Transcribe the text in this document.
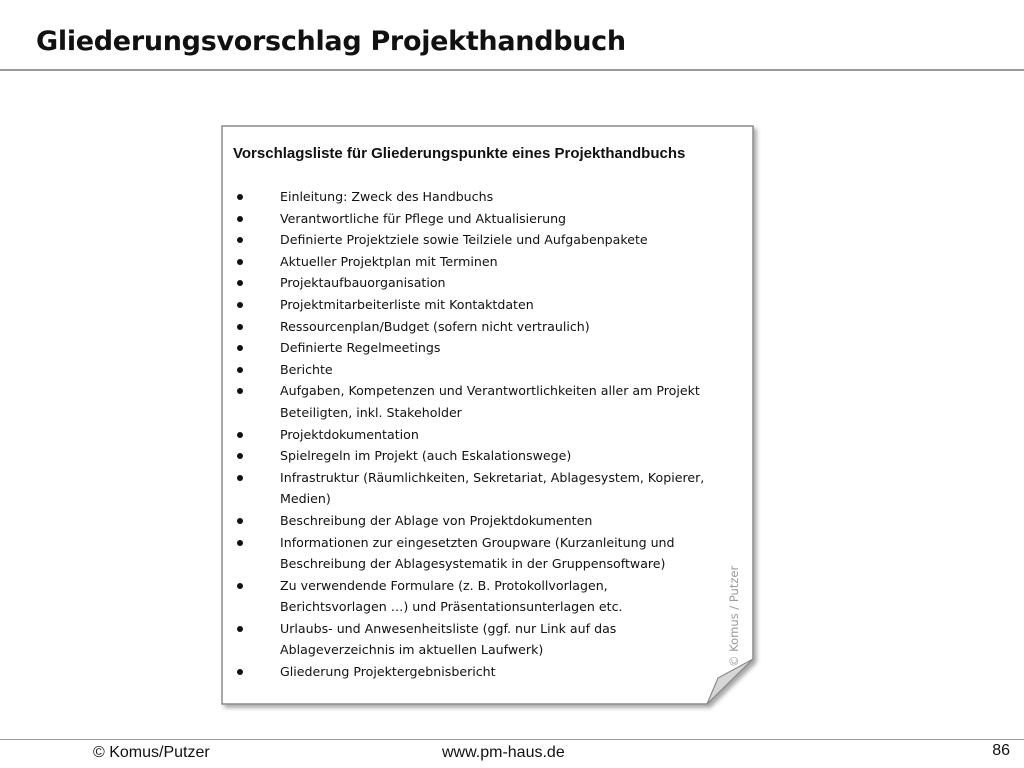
Gliederungsvorschlag Projekthandbuch
Vorschlagsliste für Gliederungspunkte eines Projekthandbuchs
Einleitung: Zweck des Handbuchs
Verantwortliche für Pflege und Aktualisierung
Definierte Projektziele sowie Teilziele und Aufgabenpakete
Aktueller Projektplan mit Terminen
Projektaufbauorganisation
Projektmitarbeiterliste mit Kontaktdaten
Ressourcenplan/Budget (sofern nicht vertraulich)
Definierte Regelmeetings
Berichte
Aufgaben, Kompetenzen und Verantwortlichkeiten aller am Projekt
Beteiligten, inkl. Stakeholder
Projektdokumentation
Spielregeln im Projekt (auch Eskalationswege)
Infrastruktur (Räumlichkeiten, Sekretariat, Ablagesystem, Kopierer,
Medien)
Beschreibung der Ablage von Projektdokumenten
Informationen zur eingesetzten Groupware (Kurzanleitung und
Beschreibung der Ablagesystematik in der Gruppensoftware)
Zu verwendende Formulare (z. B. Protokollvorlagen,
Berichtsvorlagen …) und Präsentationsunterlagen etc.
Urlaubs- und Anwesenheitsliste (ggf. nur Link auf das
Ablageverzeichnis im aktuellen Laufwerk)
Gliederung Projektergebnisbericht
© Komus / Putzer
© Komus/Putzer	www.pm-haus.de	86
